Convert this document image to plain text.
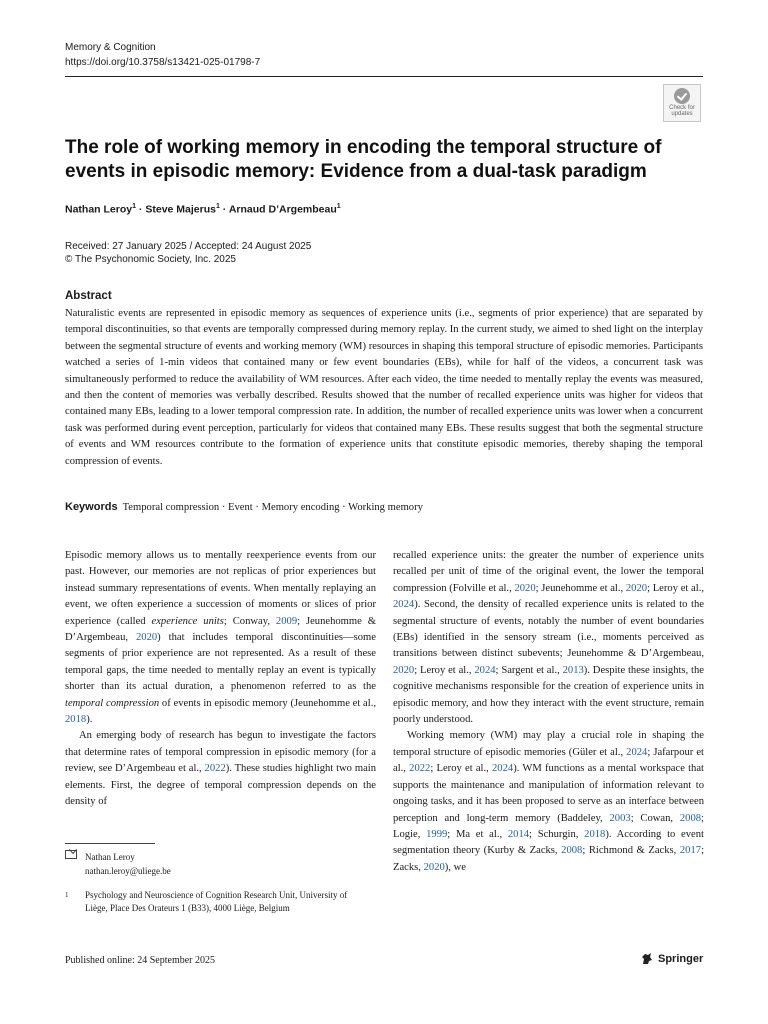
Memory & Cognition
https://doi.org/10.3758/s13421-025-01798-7
Check for
updates
The role of working memory in encoding the temporal structure of events in episodic memory: Evidence from a dual-task paradigm
Nathan Leroy$^1$ · Steve Majerus$^1$ · Arnaud D’Argembeau$^1$
Received: 27 January 2025 / Accepted: 24 August 2025
© The Psychonomic Society, Inc. 2025
Abstract

Naturalistic events are represented in episodic memory as sequences of experience units (i.e., segments of prior experience) that are separated by temporal discontinuities, so that events are temporally compressed during memory replay. In the current study, we aimed to shed light on the interplay between the segmental structure of events and working memory (WM) resources in shaping this temporal structure of episodic memories. Participants watched a series of 1-min videos that contained many or few event boundaries (EBs), while for half of the videos, a concurrent task was simultaneously performed to reduce the availability of WM resources. After each video, the time needed to mentally replay the events was measured, and then the content of memories was verbally described. Results showed that the number of recalled experience units was higher for videos that contained many EBs, leading to a lower temporal compression rate. In addition, the number of recalled experience units was lower when a concurrent task was performed during event perception, particularly for videos that contained many EBs. These results suggest that both the segmental structure of events and WM resources contribute to the formation of experience units that constitute episodic memories, thereby shaping the temporal compression of events.

Keywords Temporal compression · Event · Memory encoding · Working memory

Episodic memory allows us to mentally reexperience events from our past. However, our memories are not replicas of prior experiences but instead summary representations of events. When mentally replaying an event, we often experience a succession of moments or slices of prior experience (called experience units; Conway, 2009; Jeunehomme & D’Argembeau, 2020) that includes temporal discontinuities—some segments of prior experience are not represented. As a result of these temporal gaps, the time needed to mentally replay an event is typically shorter than its actual duration, a phenomenon referred to as the temporal compression of events in episodic memory (Jeunehomme et al., 2018).

An emerging body of research has begun to investigate the factors that determine rates of temporal compression in episodic memory (for a review, see D’Argembeau et al., 2022). These studies highlight two main elements. First, the degree of temporal compression depends on the density of

recalled experience units: the greater the number of experience units recalled per unit of time of the original event, the lower the temporal compression (Folville et al., 2020; Jeunehomme et al., 2020; Leroy et al., 2024). Second, the density of recalled experience units is related to the segmental structure of events, notably the number of event boundaries (EBs) identified in the sensory stream (i.e., moments perceived as transitions between distinct subevents; Jeunehomme & D’Argembeau, 2020; Leroy et al., 2024; Sargent et al., 2013). Despite these insights, the cognitive mechanisms responsible for the creation of experience units in episodic memory, and how they interact with the event structure, remain poorly understood.

Working memory (WM) may play a crucial role in shaping the temporal structure of episodic memories (Güler et al., 2024; Jafarpour et al., 2022; Leroy et al., 2024). WM functions as a mental workspace that supports the maintenance and manipulation of information relevant to ongoing tasks, and it has been proposed to serve as an interface between perception and long-term memory (Baddeley, 2003; Cowan, 2008; Logie, 1999; Ma et al., 2014; Schurgin, 2018). According to event segmentation theory (Kurby & Zacks, 2008; Richmond & Zacks, 2017; Zacks, 2020), we

Nathan Leroy
nathan.leroy@uliege.be
1	Psychology and Neuroscience of Cognition Research Unit, University of Liège, Place Des Orateurs 1 (B33), 4000 Liège, Belgium
Published online: 24 September 2025	Springer
